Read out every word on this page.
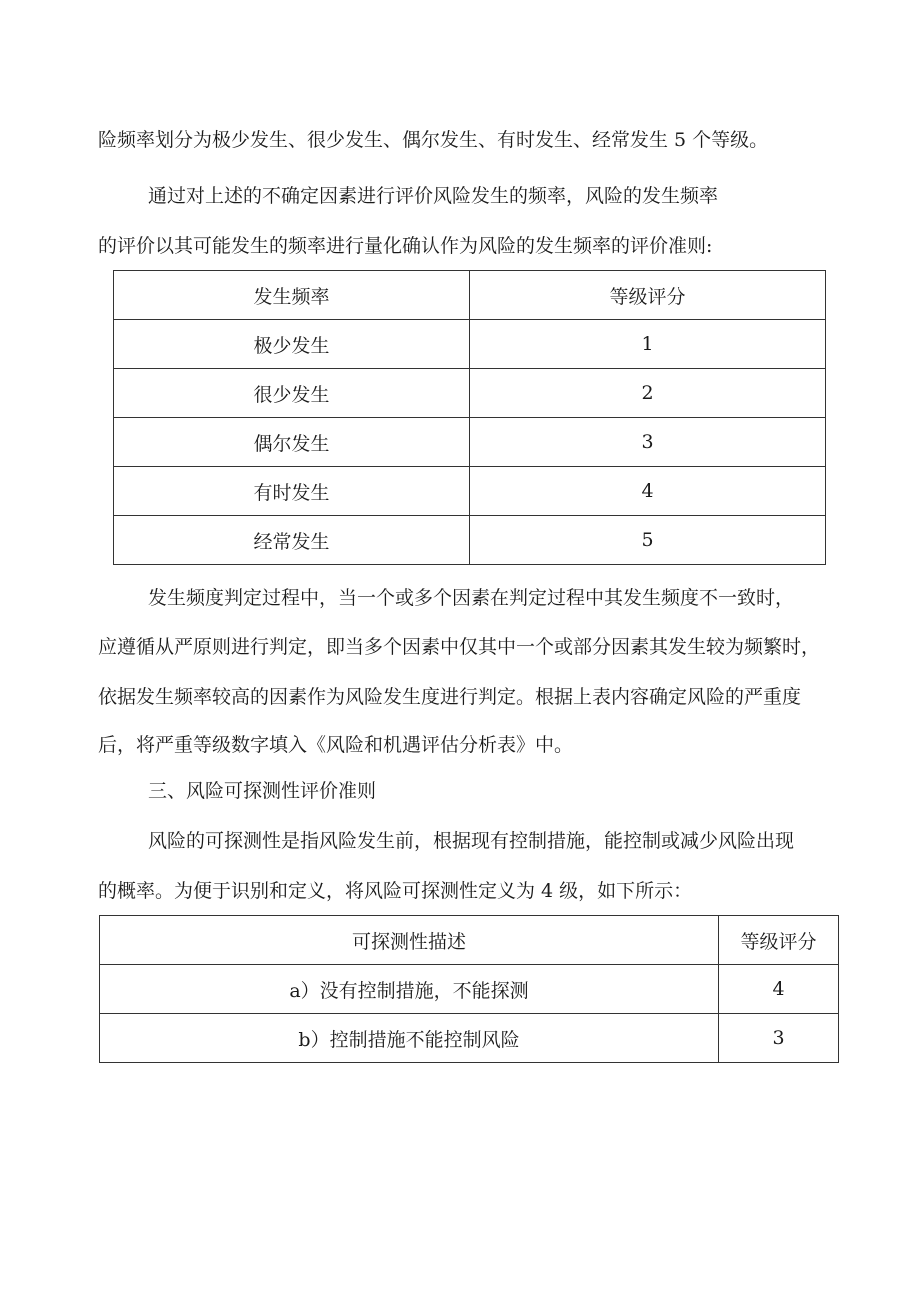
险频率划分为极少发生、很少发生、偶尔发生、有时发生、经常发生 5 个等级。
通过对上述的不确定因素进行评价风险发生的频率，风险的发生频率
的评价以其可能发生的频率进行量化确认作为风险的发生频率的评价准则:
发生频率	等级评分
极少发生	1
很少发生	2
偶尔发生	3
有时发生	4
经常发生	5
发生频度判定过程中，当一个或多个因素在判定过程中其发生频度不一致时，
应遵循从严原则进行判定，即当多个因素中仅其中一个或部分因素其发生较为频繁时，
依据发生频率较高的因素作为风险发生度进行判定。根据上表内容确定风险的严重度
后，将严重等级数字填入《风险和机遇评估分析表》中。
三、风险可探测性评价准则
风险的可探测性是指风险发生前，根据现有控制措施，能控制或减少风险出现
的概率。为便于识别和定义，将风险可探测性定义为 4 级，如下所示：
可探测性描述	等级评分
a）没有控制措施，不能探测	4
b）控制措施不能控制风险	3
